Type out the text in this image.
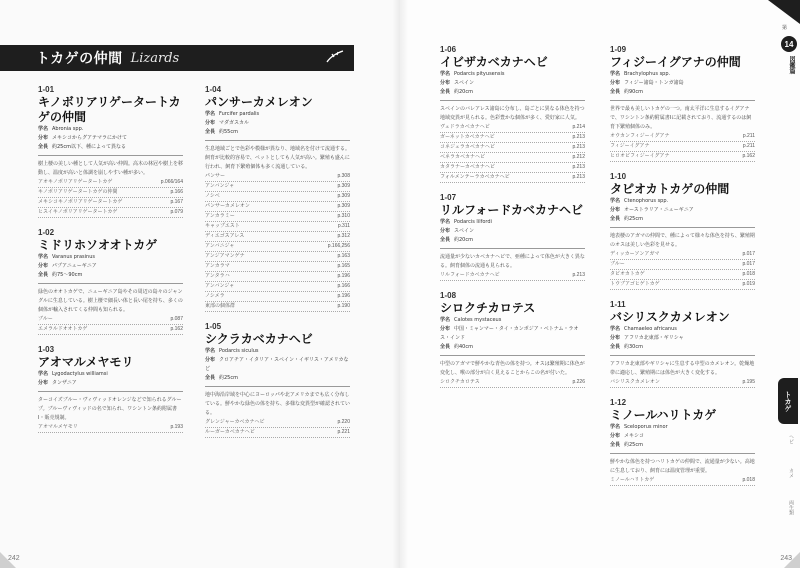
トカゲの仲間 Lizards
1-01
キノボリアリゲータートカゲの仲間
学名 Abronia spp.
分布 メキシコからグアテマラにかけて
全長 約25cm以下、種によって異なる
樹上棲の美しい種として人気が高い仲間。高木の林冠や樹上を移動し、温度が高いと体調を崩しやすい種が多い。
アオキノボリアリゲータートカゲ	p.066/164
キノボリアリゲータートカゲの仲間	p.166
メキシコキノボリアリゲータートカゲ	p.167
ヒスイキノボリアリゲータートカゲ	p.079
1-02
ミドリホソオオトカゲ
学名 Varanus prasinus
分布 パプアニューギニア
全長 約75〜90cm
緑色のオオトカゲで、ニューギニア島やその周辺の島々のジャングルに生息している。樹上棲で細長い体と長い尾を持ち、多くの個体が輸入されてくる仲間も知られる。
ブルー	p.087
エメラルドオオトカゲ	p.162
1-03
アオマルメヤモリ
学名 Lygodactylus williamsi
分布 タンザニア
ターコイズブルー・ヴィヴィッドオレンジなどで知られるグループ。ブルーヴィヴィッドの名で知られ、ワシントン条約附属書Ⅰ・販売規制。
アオマルメヤモリ	p.193
1-04
パンサーカメレオン
学名 Furcifer pardalis
分布 マダガスカル
全長 約55cm
生息地域ごとで色彩や模様が異なり、地域名を付けて流通する。飼育が比較的容易で、ペットとしても人気が高い。繁殖も盛んに行われ、飼育下繁殖個体も多く流通している。
パンサー	p.308
アンバンジャ	p.309
ノシベ	p.309
パンサーカメレオン	p.309
アンカラミー	p.310
キャップエスト	p.311
ディエゴスアレス	p.312
アンバニジャ	p.166,256
アンジアマンゲナ	p.163
アンカラマ	p.165
アンタラハ	p.196
アンバンジャ	p.166
ノシメラ	p.196
東部の個体群	p.190
1-05
シクラカベカナヘビ
学名 Podarcis siculus
分布 クロアチア・イタリア・スペイン・イギリス・アメリカなど
全長 約25cm
地中海沿岸域を中心にヨーロッパや北アメリカまでも広く分布している。鮮やかな緑色の体を持ち、多様な変異型が確認されている。
グレンジャーカベカナヘビ	p.220
ルーガーカベカナヘビ	p.221
242
1-06
イビザカベカナヘビ
学名 Podarcis pityusensis
分布 スペイン
全長 約20cm
スペインのバレアレス諸島に分布し、島ごとに異なる体色を持つ地域変異が見られる。色彩豊かな個体が多く、愛好家に人気。
ヴェドラカベカナヘビ	p.214
ガーネットカベカナヘビ	p.213
コネジェラカベカナヘビ	p.213
ベネラカベカナヘビ	p.212
カタラナーカベカナヘビ	p.213
フォルメンテーラカベカナヘビ	p.213
1-07
リルフォードカベカナヘビ
学名 Podarcis lilfordi
分布 スペイン
全長 約20cm
流通量が少ないカベカナヘビで、亜種によって体色が大きく異なる。飼育個体の流通も見られる。
リルフォードカベカナヘビ	p.213
1-08
シロクチカロテス
学名 Calotes mystaceus
分布 中国・ミャンマー・タイ・カンボジア・ベトナム・ラオス・インド
全長 約40cm
中型のアガマで鮮やかな青色の体を持つ。オスは繁殖期に体色が変化し、喉の部分が白く見えることからこの名が付いた。
シロクチカロテス	p.226
1-09
フィジーイグアナの仲間
学名 Brachylophus spp.
分布 フィジー諸島・トンガ諸島
全長 約90cm
世界で最も美しいトカゲの一つ。南太平洋に生息するイグアナで、ワシントン条約附属書Ⅰに記載されており、流通するのは飼育下繁殖個体のみ。
オウカンフィジーイグアナ	p.211
フィジーイグアナ	p.211
ヒロオビフィジーイグアナ	p.162
1-10
タピオカトカゲの仲間
学名 Ctenophorus spp.
分布 オーストラリア・ニューギニア
全長 約25cm
地表棲のアガマの仲間で、種によって様々な体色を持ち、繁殖期のオスは美しい色彩を見せる。
ディッカーソンアガマ	p.017
ブルー	p.017
タピオカトカゲ	p.018
トウブアゴヒゲトカゲ	p.019
1-11
バシリスクカメレオン
学名 Chamaeleo africanus
分布 アフリカ北東部・ギリシャ
全長 約30cm
アフリカ北東部やギリシャに生息する中型のカメレオン。乾燥地帯に適応し、繁殖期には体色が大きく変化する。
バシリスクカメレオン	p.195
1-12
ミノールハリトカゲ
学名 Sceloporus minor
分布 メキシコ
全長 約25cm
鮮やかな体色を持つハリトカゲの仲間で、流通量が少ない。高地に生息しており、飼育には温度管理が重要。
ミノールハリトカゲ	p.018
第
14
図鑑篇
トカゲ
ヘビ
カメ
両生類
243
